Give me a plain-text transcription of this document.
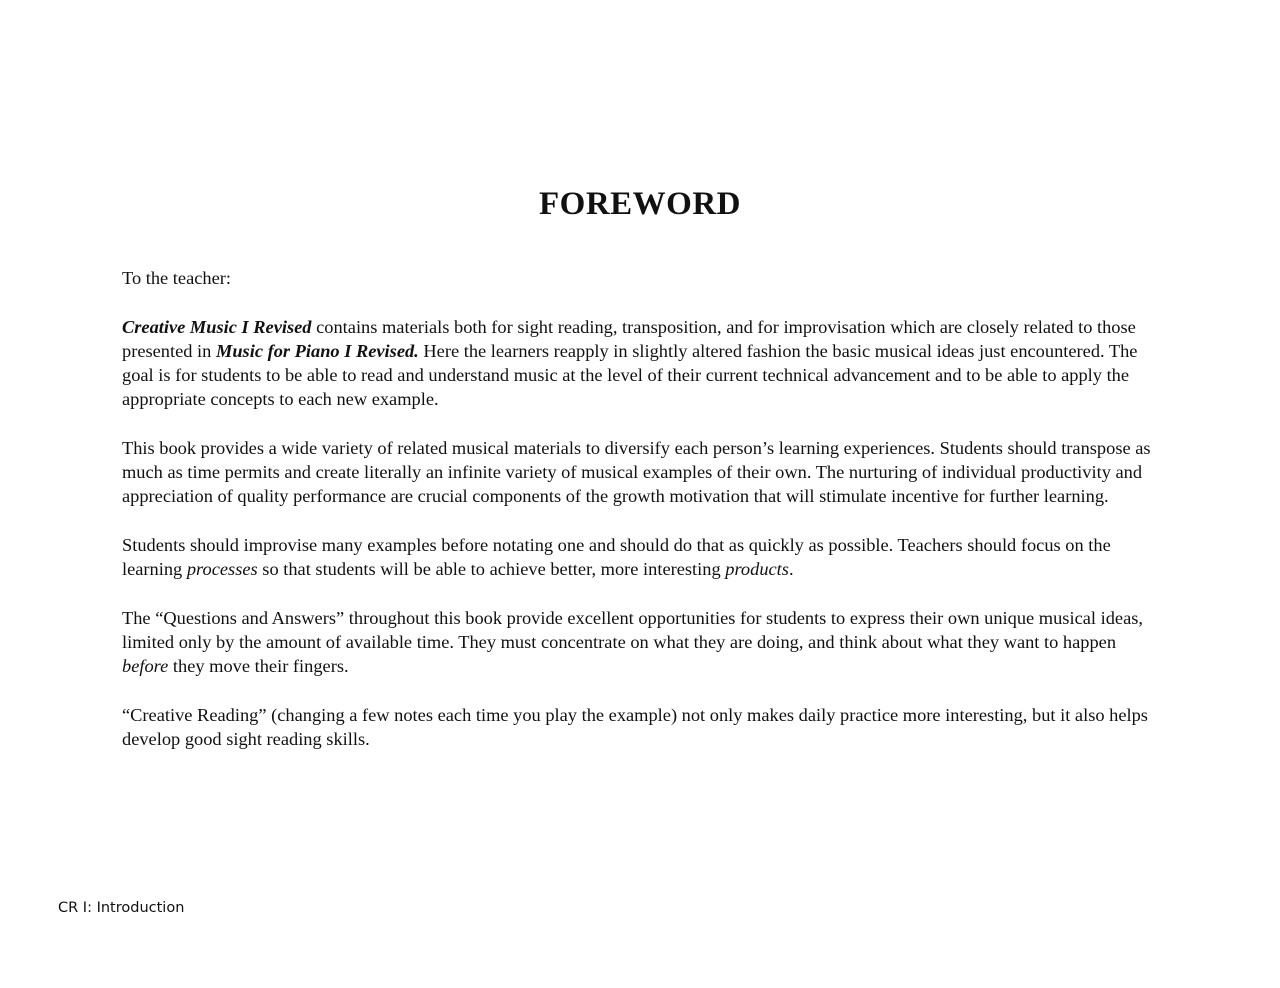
FOREWORD

To the teacher:

Creative Music I Revised contains materials both for sight reading, transposition, and for improvisation which are closely related to those presented in Music for Piano I Revised. Here the learners reapply in slightly altered fashion the basic musical ideas just encountered. The goal is for students to be able to read and understand music at the level of their current technical advancement and to be able to apply the appropriate concepts to each new example.

This book provides a wide variety of related musical materials to diversify each person’s learning experiences. Students should transpose as much as time permits and create literally an infinite variety of musical examples of their own. The nurturing of individual productivity and appreciation of quality performance are crucial components of the growth motivation that will stimulate incentive for further learning.

Students should improvise many examples before notating one and should do that as quickly as possible. Teachers should focus on the learning processes so that students will be able to achieve better, more interesting products.

The “Questions and Answers” throughout this book provide excellent opportunities for students to express their own unique musical ideas, limited only by the amount of available time. They must concentrate on what they are doing, and think about what they want to happen before they move their fingers.

“Creative Reading” (changing a few notes each time you play the example) not only makes daily practice more interesting, but it also helps develop good sight reading skills.

CR I: Introduction
